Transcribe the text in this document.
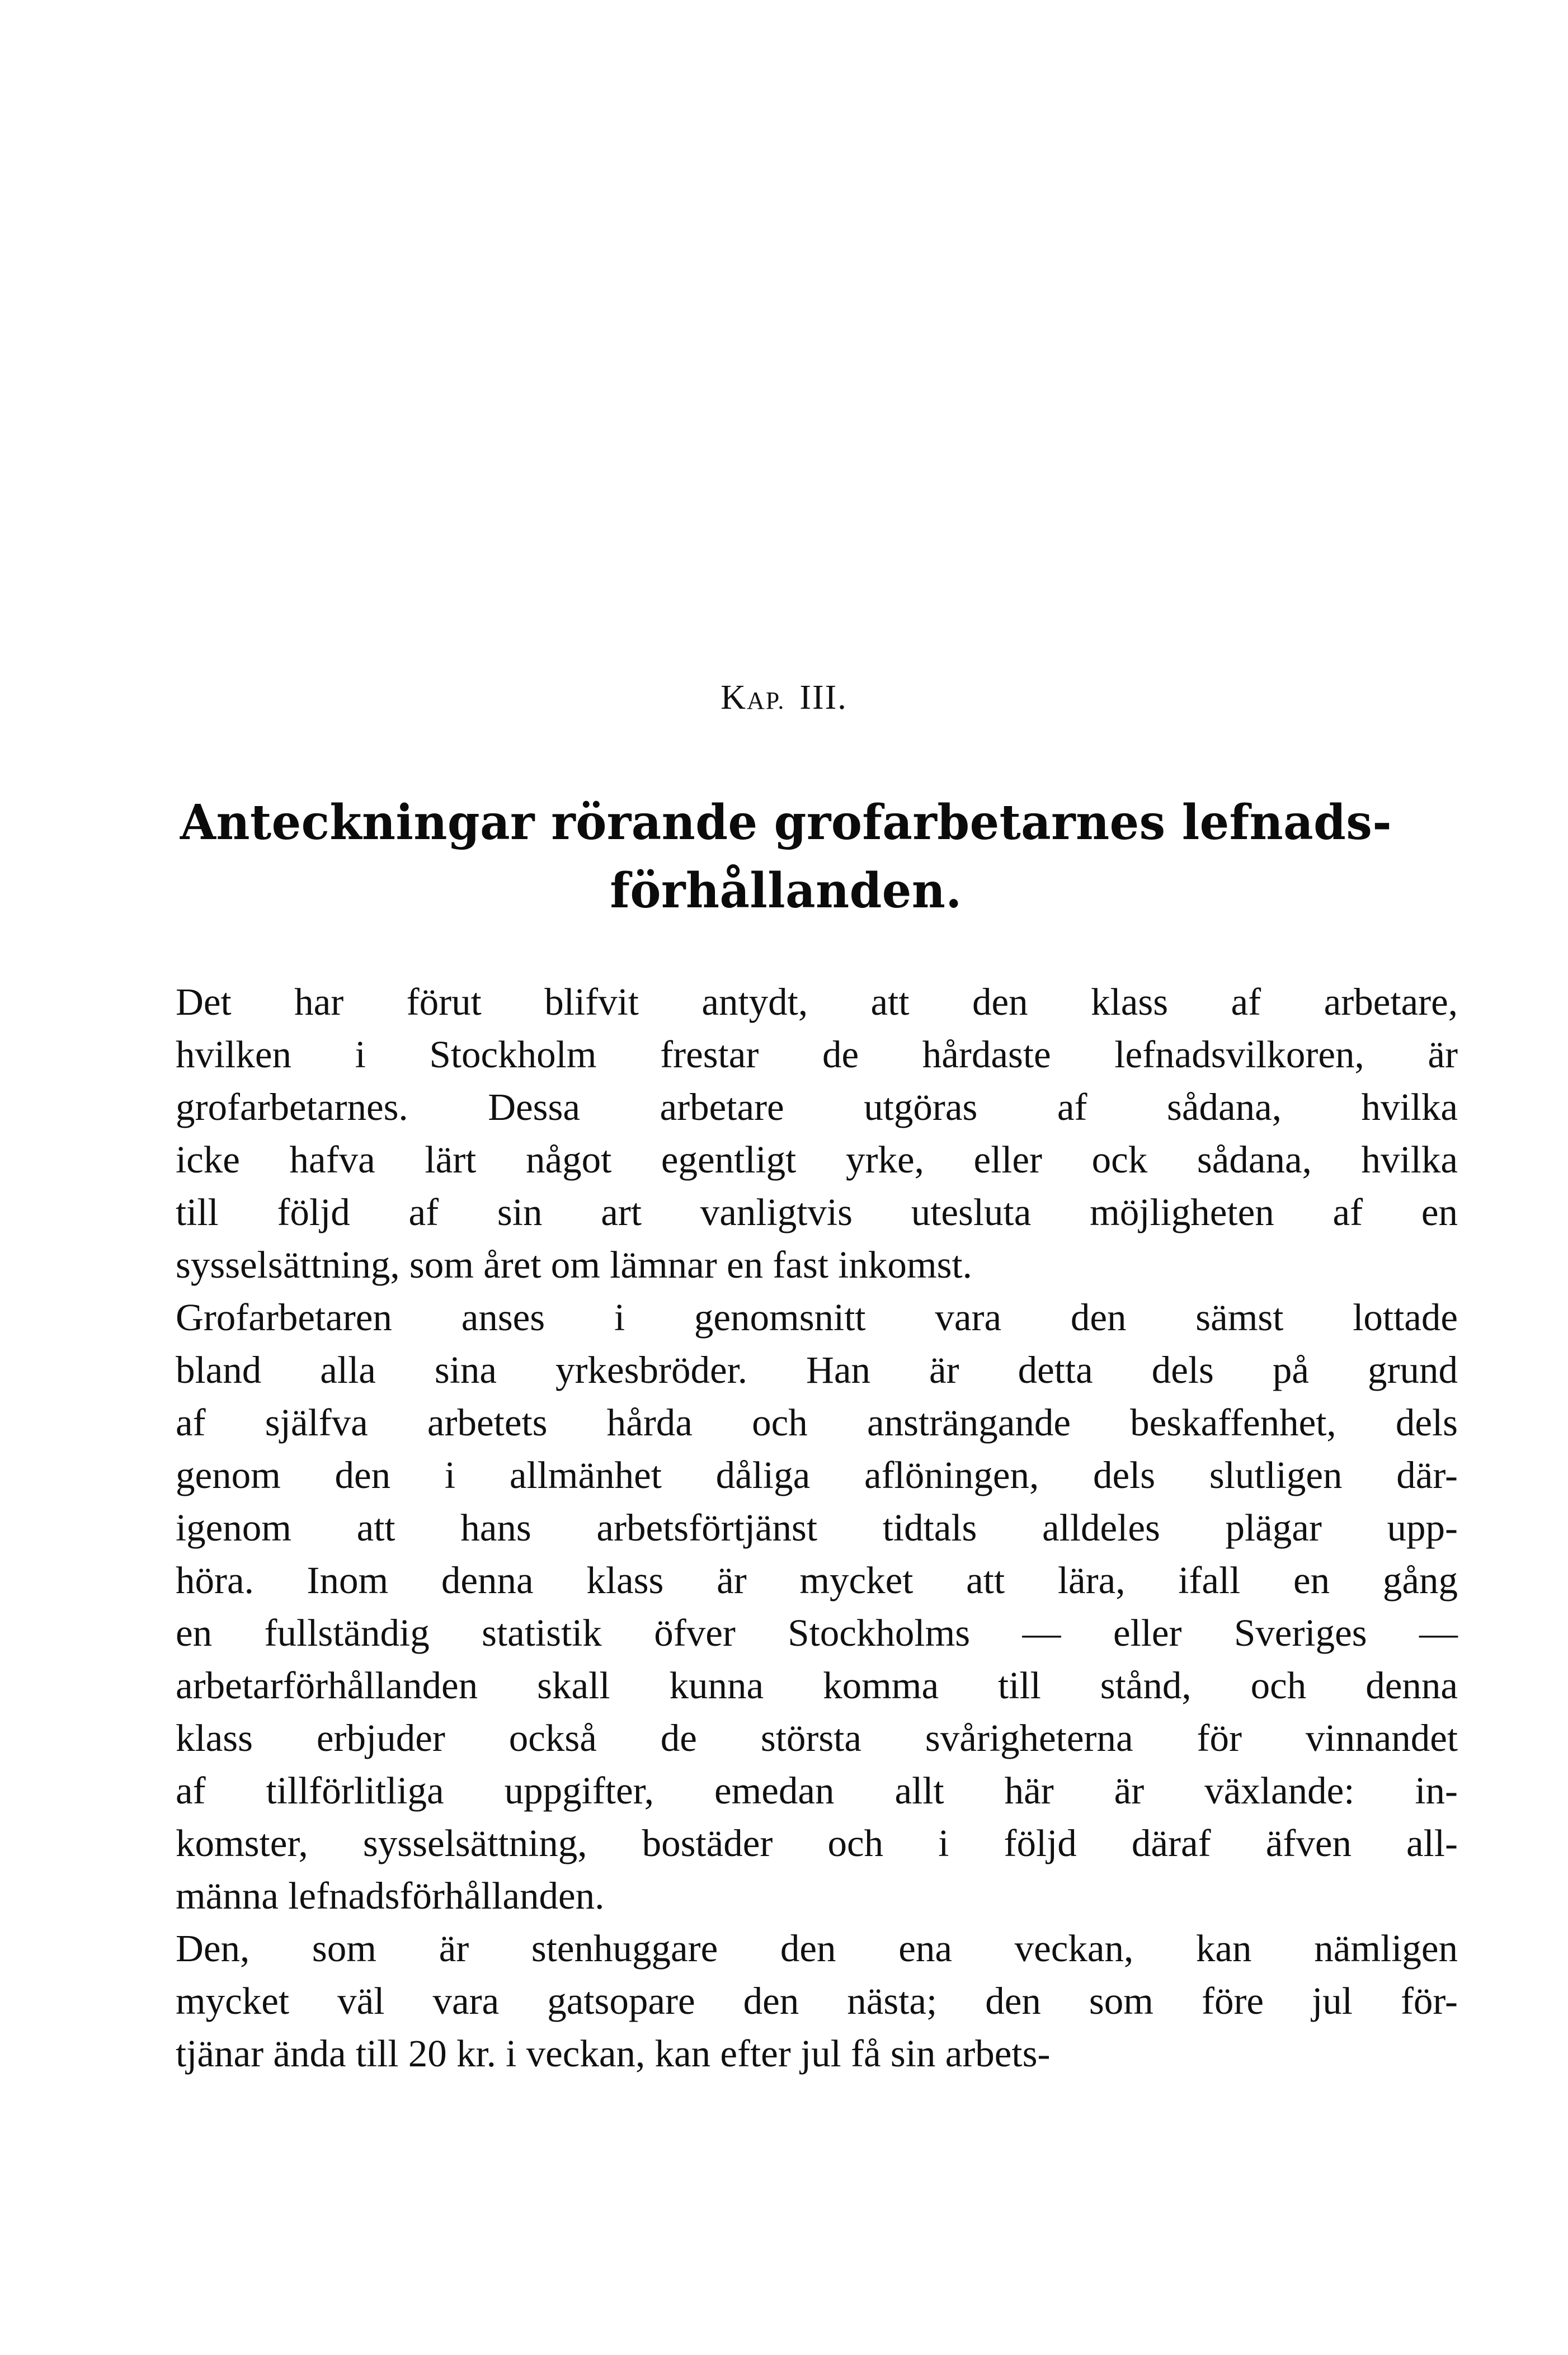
KAP. III.
Anteckningar rörande grofarbetarnes lefnads-
förhållanden.

Det har förut blifvit antydt, att den klass af arbetare,
hvilken i Stockholm frestar de hårdaste lefnadsvilkoren, är
grofarbetarnes. Dessa arbetare utgöras af sådana, hvilka
icke hafva lärt något egentligt yrke, eller ock sådana, hvilka
till följd af sin art vanligtvis utesluta möjligheten af en
sysselsättning, som året om lämnar en fast inkomst.

Grofarbetaren anses i genomsnitt vara den sämst lottade
bland alla sina yrkesbröder. Han är detta dels på grund
af själfva arbetets hårda och ansträngande beskaffenhet, dels
genom den i allmänhet dåliga aflöningen, dels slutligen där-
igenom att hans arbetsförtjänst tidtals alldeles plägar upp-
höra. Inom denna klass är mycket att lära, ifall en gång
en fullständig statistik öfver Stockholms — eller Sveriges —
arbetarförhållanden skall kunna komma till stånd, och denna
klass erbjuder också de största svårigheterna för vinnandet
af tillförlitliga uppgifter, emedan allt här är växlande: in-
komster, sysselsättning, bostäder och i följd däraf äfven all-
männa lefnadsförhållanden.

Den, som är stenhuggare den ena veckan, kan nämligen
mycket väl vara gatsopare den nästa; den som före jul för-
tjänar ända till 20 kr. i veckan, kan efter jul få sin arbets-
